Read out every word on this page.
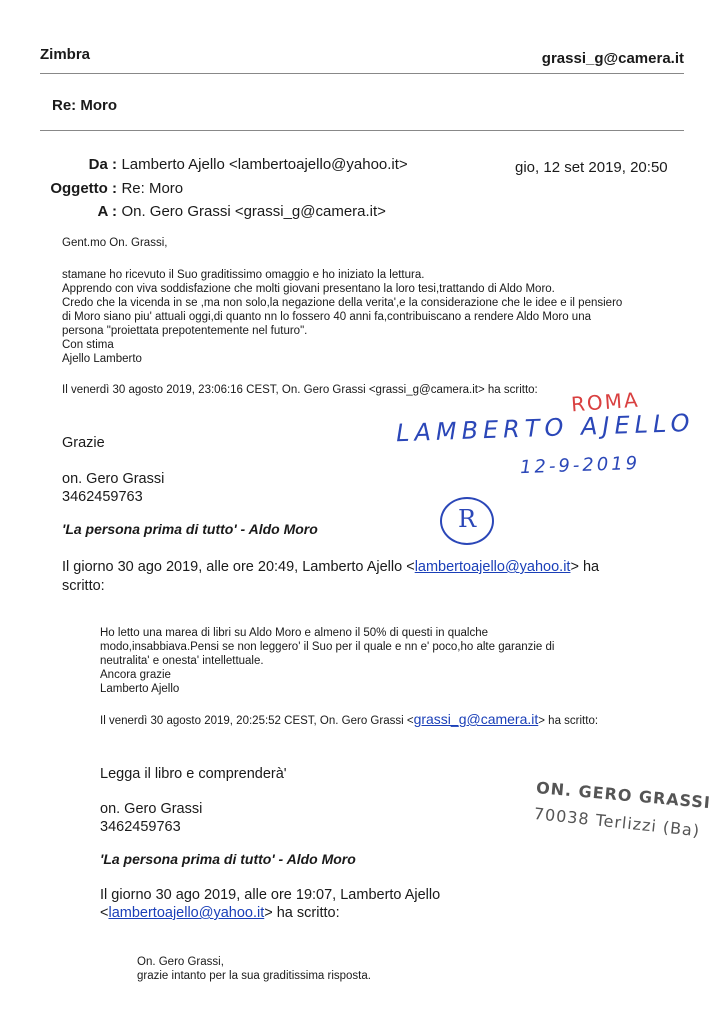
Zimbra	grassi_g@camera.it
Re: Moro
Da : Lamberto Ajello <lambertoajello@yahoo.it>	gio, 12 set 2019, 20:50
Oggetto : Re: Moro
A : On. Gero Grassi <grassi_g@camera.it>
Gent.mo On. Grassi,
stamane ho ricevuto il Suo graditissimo omaggio e ho iniziato la lettura.
Apprendo con viva soddisfazione che molti giovani presentano la loro tesi,trattando di Aldo Moro.
Credo che la vicenda in se ,ma non solo,la negazione della verita',e la considerazione che le idee e il pensiero
di Moro siano piu' attuali oggi,di quanto nn lo fossero 40 anni fa,contribuiscano a rendere Aldo Moro una
persona "proiettata prepotentemente nel futuro".
Con stima
Ajello Lamberto
Il venerdì 30 agosto 2019, 23:06:16 CEST, On. Gero Grassi <grassi_g@camera.it> ha scritto:
Grazie
on. Gero Grassi
3462459763
'La persona prima di tutto' - Aldo Moro
Il giorno 30 ago 2019, alle ore 20:49, Lamberto Ajello <lambertoajello@yahoo.it> ha
scritto:
Ho letto una marea di libri su Aldo Moro e almeno il 50% di questi in qualche
modo,insabbiava.Pensi se non leggero' il Suo per il quale e nn e' poco,ho alte garanzie di
neutralita' e onesta' intellettuale.
Ancora grazie
Lamberto Ajello
Il venerdì 30 agosto 2019, 20:25:52 CEST, On. Gero Grassi <grassi_g@camera.it> ha scritto:
Legga il libro e comprenderà'
on. Gero Grassi
3462459763
'La persona prima di tutto' - Aldo Moro
Il giorno 30 ago 2019, alle ore 19:07, Lamberto Ajello
<lambertoajello@yahoo.it> ha scritto:
On. Gero Grassi,
grazie intanto per la sua graditissima risposta.
ROMA
LAMBERTO AJELLO
12-9-2019
R
ON. GERO GRASSI
70038 Terlizzi (Ba)
